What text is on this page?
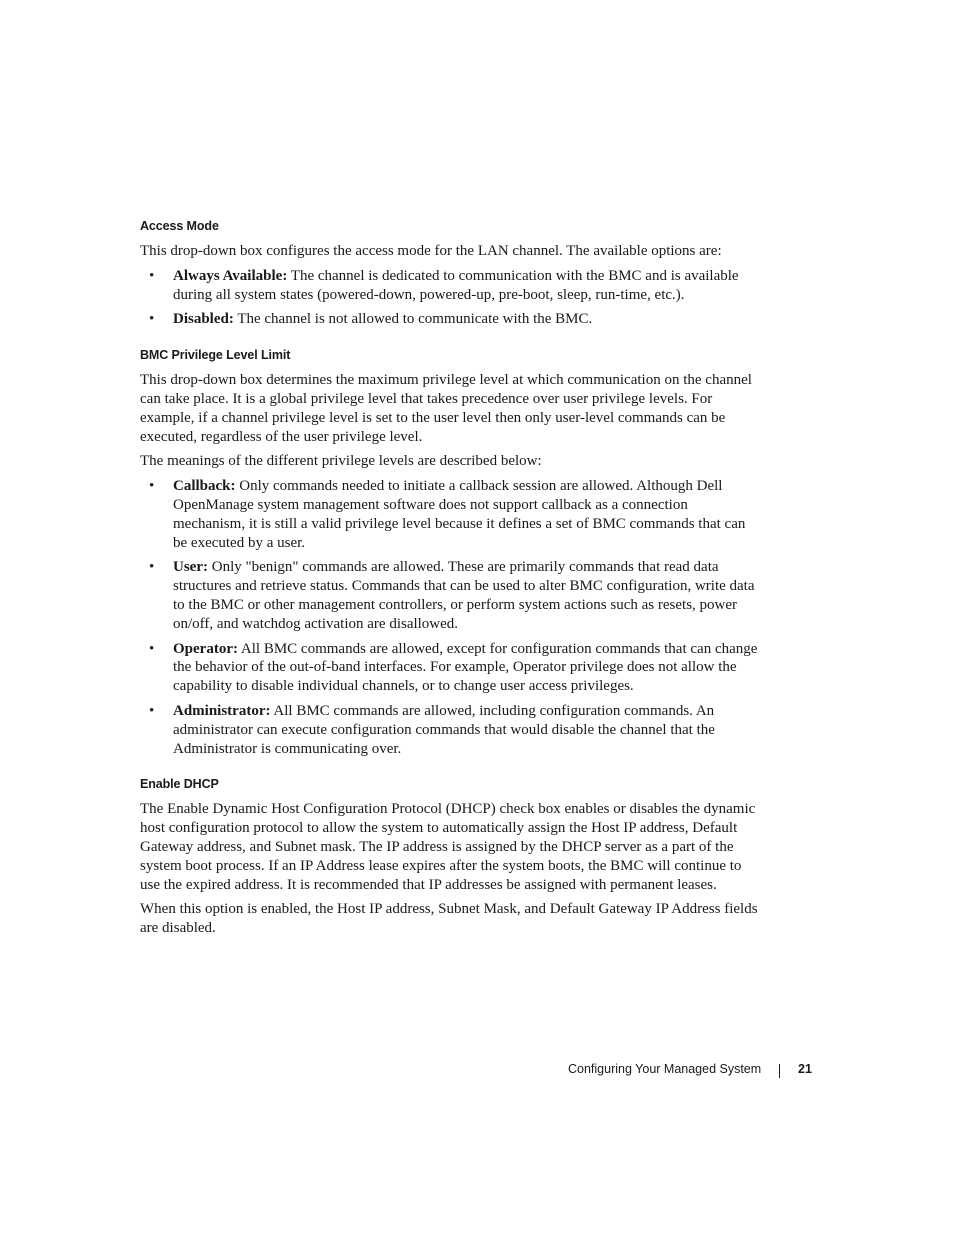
Access Mode

This drop-down box configures the access mode for the LAN channel. The available options are:

• Always Available: The channel is dedicated to communication with the BMC and is available during all system states (powered-down, powered-up, pre-boot, sleep, run-time, etc.).
• Disabled: The channel is not allowed to communicate with the BMC.
BMC Privilege Level Limit

This drop-down box determines the maximum privilege level at which communication on the channel can take place. It is a global privilege level that takes precedence over user privilege levels. For example, if a channel privilege level is set to the user level then only user-level commands can be executed, regardless of the user privilege level.

The meanings of the different privilege levels are described below:

• Callback: Only commands needed to initiate a callback session are allowed. Although Dell OpenManage system management software does not support callback as a connection mechanism, it is still a valid privilege level because it defines a set of BMC commands that can be executed by a user.
• User: Only "benign" commands are allowed. These are primarily commands that read data structures and retrieve status. Commands that can be used to alter BMC configuration, write data to the BMC or other management controllers, or perform system actions such as resets, power on/off, and watchdog activation are disallowed.
• Operator: All BMC commands are allowed, except for configuration commands that can change the behavior of the out-of-band interfaces. For example, Operator privilege does not allow the capability to disable individual channels, or to change user access privileges.
• Administrator: All BMC commands are allowed, including configuration commands. An administrator can execute configuration commands that would disable the channel that the Administrator is communicating over.
Enable DHCP

The Enable Dynamic Host Configuration Protocol (DHCP) check box enables or disables the dynamic host configuration protocol to allow the system to automatically assign the Host IP address, Default Gateway address, and Subnet mask. The IP address is assigned by the DHCP server as a part of the system boot process. If an IP Address lease expires after the system boots, the BMC will continue to use the expired address. It is recommended that IP addresses be assigned with permanent leases.

When this option is enabled, the Host IP address, Subnet Mask, and Default Gateway IP Address fields are disabled.

Configuring Your Managed System	21
